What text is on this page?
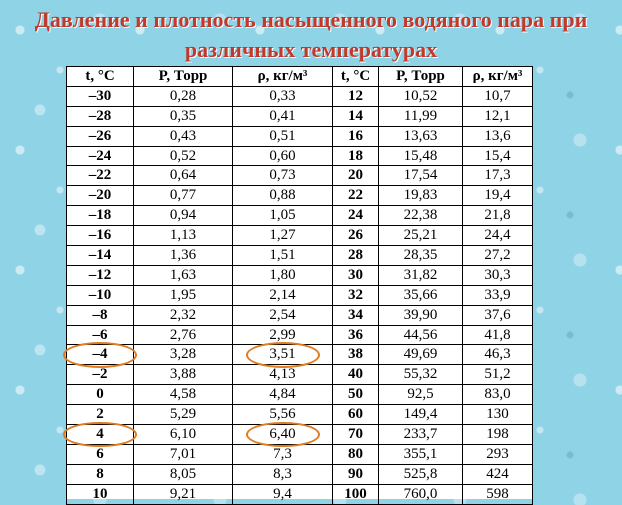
Давление и плотность насыщенного водяного пара при
различных температурах
t, °C	P, Торр	ρ, кг/м³	t, °C	P, Торр	ρ, кг/м³
–30	0,28	0,33	12	10,52	10,7
–28	0,35	0,41	14	11,99	12,1
–26	0,43	0,51	16	13,63	13,6
–24	0,52	0,60	18	15,48	15,4
–22	0,64	0,73	20	17,54	17,3
–20	0,77	0,88	22	19,83	19,4
–18	0,94	1,05	24	22,38	21,8
–16	1,13	1,27	26	25,21	24,4
–14	1,36	1,51	28	28,35	27,2
–12	1,63	1,80	30	31,82	30,3
–10	1,95	2,14	32	35,66	33,9
–8	2,32	2,54	34	39,90	37,6
–6	2,76	2,99	36	44,56	41,8
–4	3,28	3,51	38	49,69	46,3
–2	3,88	4,13	40	55,32	51,2
0	4,58	4,84	50	92,5	83,0
2	5,29	5,56	60	149,4	130
4	6,10	6,40	70	233,7	198
6	7,01	7,3	80	355,1	293
8	8,05	8,3	90	525,8	424
10	9,21	9,4	100	760,0	598
